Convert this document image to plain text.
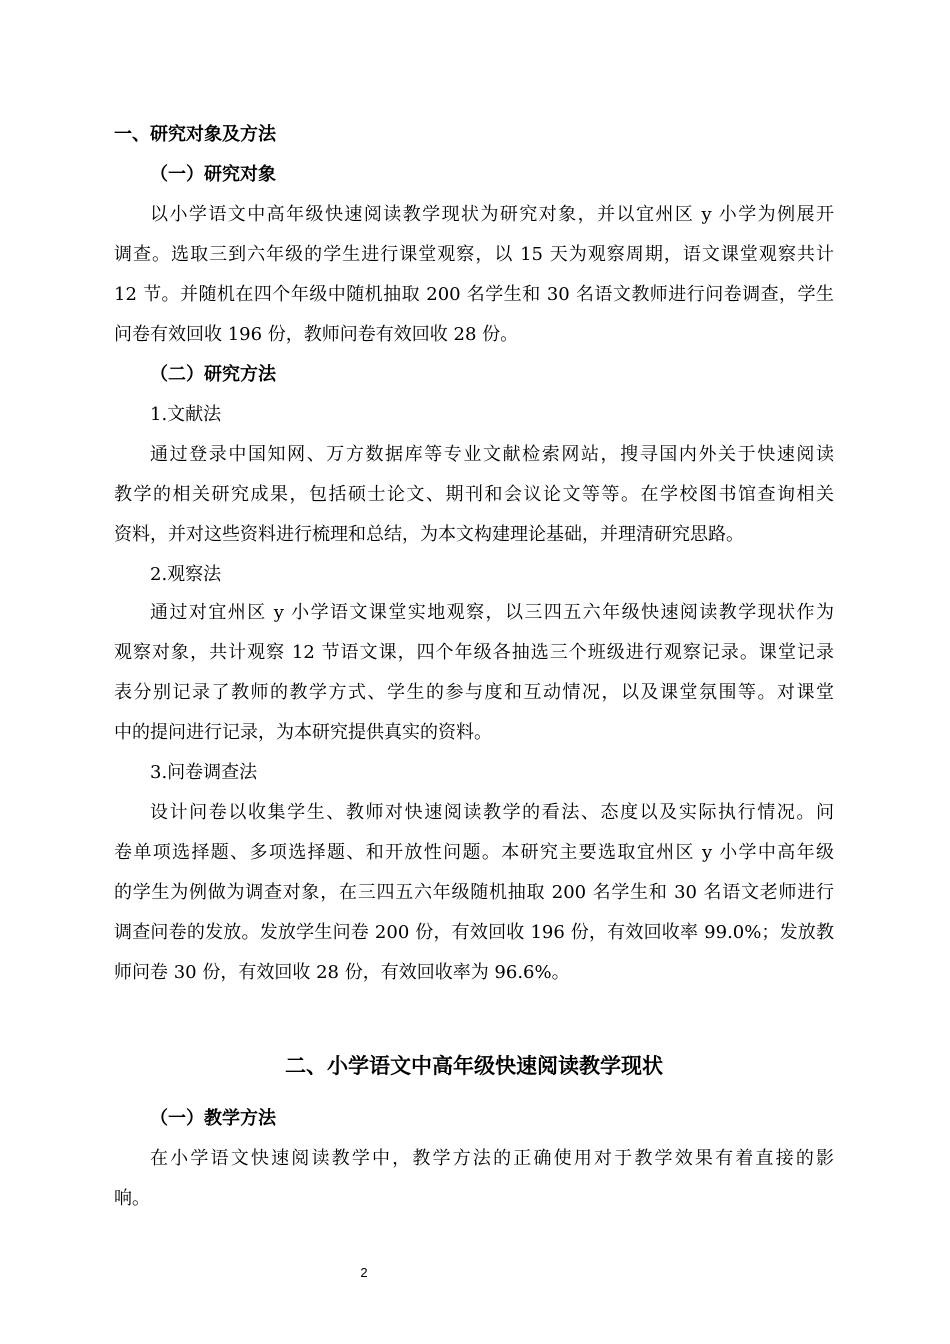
一、研究对象及方法
（一）研究对象
以小学语文中高年级快速阅读教学现状为研究对象，并以宜州区 y 小学为例展开
调查。选取三到六年级的学生进行课堂观察，以 15 天为观察周期，语文课堂观察共计
12 节。并随机在四个年级中随机抽取 200 名学生和 30 名语文教师进行问卷调查，学生
问卷有效回收 196 份，教师问卷有效回收 28 份。
（二）研究方法
1.文献法
通过登录中国知网、万方数据库等专业文献检索网站，搜寻国内外关于快速阅读
教学的相关研究成果，包括硕士论文、期刊和会议论文等等。在学校图书馆查询相关
资料，并对这些资料进行梳理和总结，为本文构建理论基础，并理清研究思路。
2.观察法
通过对宜州区 y 小学语文课堂实地观察，以三四五六年级快速阅读教学现状作为
观察对象，共计观察 12 节语文课，四个年级各抽选三个班级进行观察记录。课堂记录
表分别记录了教师的教学方式、学生的参与度和互动情况，以及课堂氛围等。对课堂
中的提问进行记录，为本研究提供真实的资料。
3.问卷调查法
设计问卷以收集学生、教师对快速阅读教学的看法、态度以及实际执行情况。问
卷单项选择题、多项选择题、和开放性问题。本研究主要选取宜州区 y 小学中高年级
的学生为例做为调查对象，在三四五六年级随机抽取 200 名学生和 30 名语文老师进行
调查问卷的发放。发放学生问卷 200 份，有效回收 196 份，有效回收率 99.0%；发放教
师问卷 30 份，有效回收 28 份，有效回收率为 96.6%。
二、小学语文中高年级快速阅读教学现状
（一）教学方法
在小学语文快速阅读教学中，教学方法的正确使用对于教学效果有着直接的影
响。
2
